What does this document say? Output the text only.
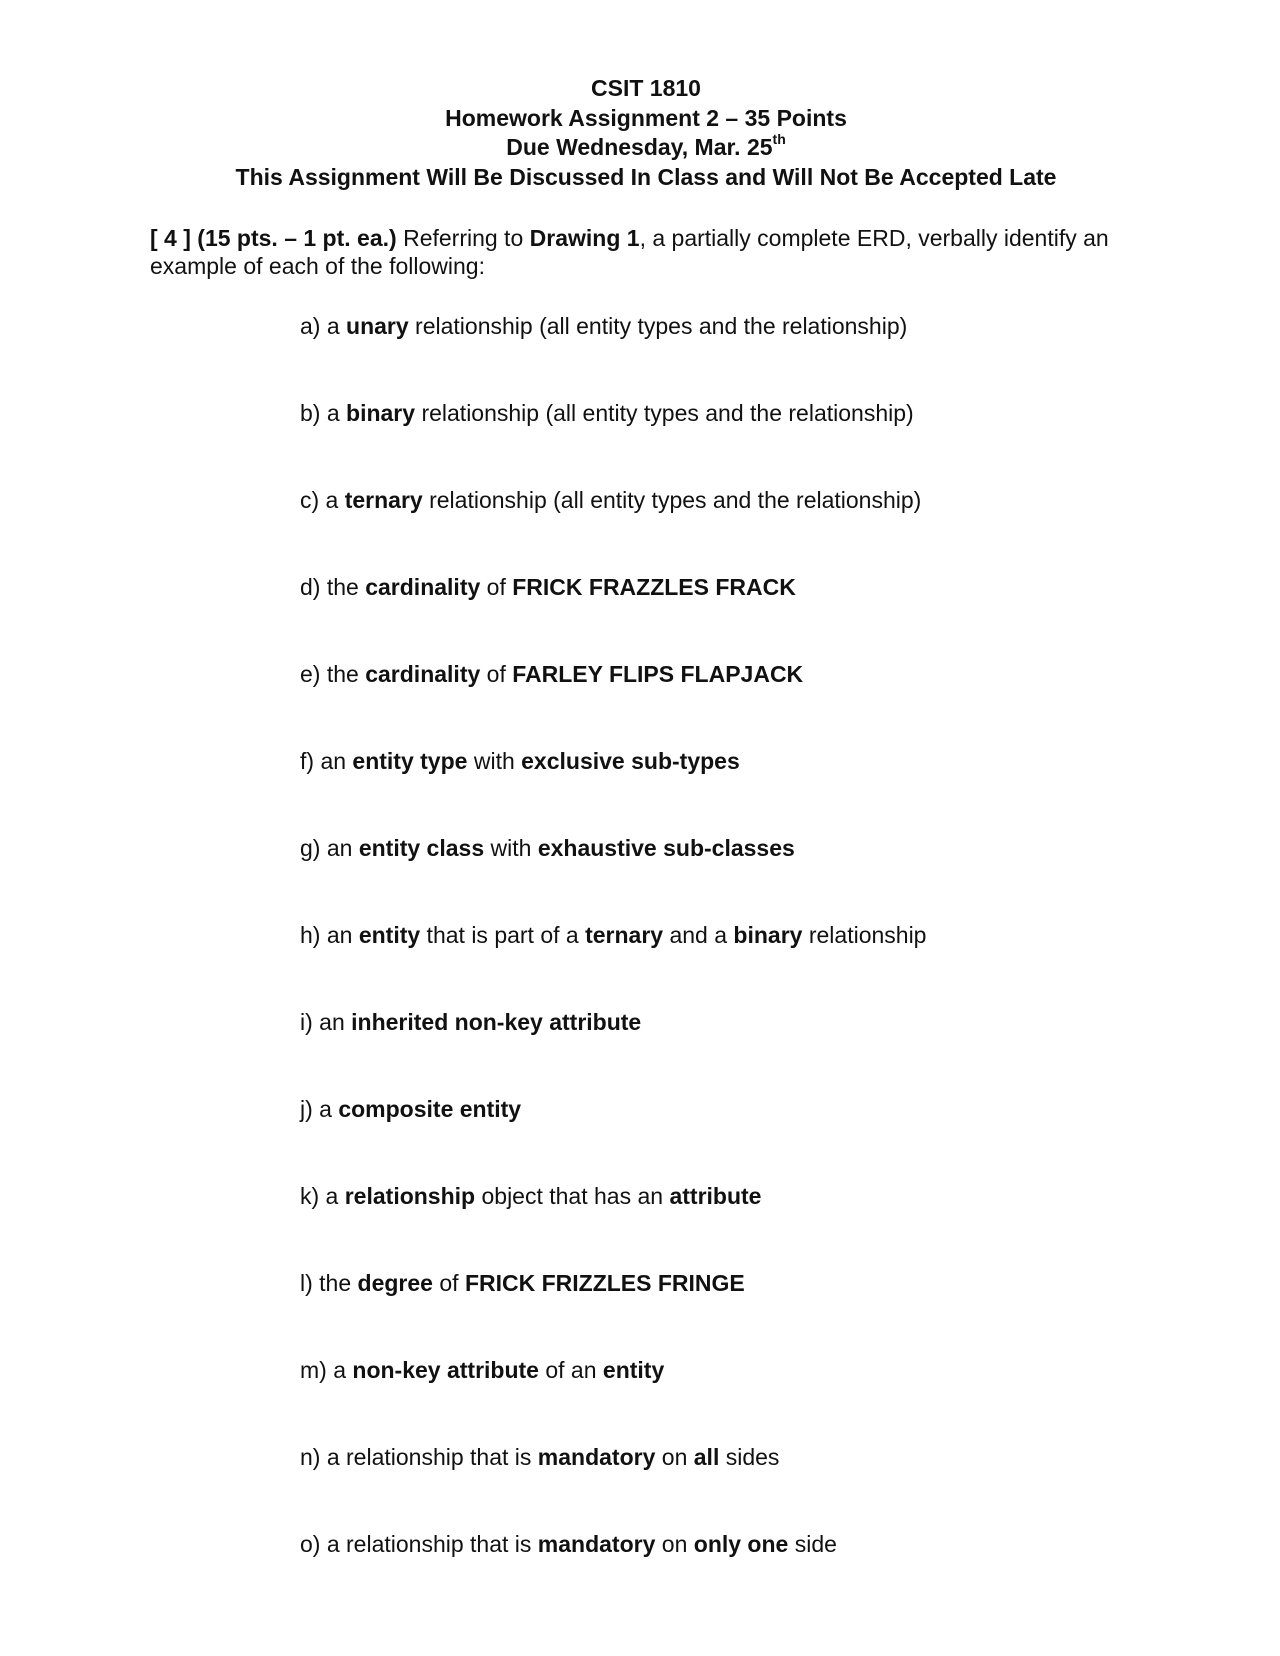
CSIT 1810
Homework Assignment 2 – 35 Points
Due Wednesday, Mar. 25th
This Assignment Will Be Discussed In Class and Will Not Be Accepted Late
[ 4 ] (15 pts. – 1 pt. ea.) Referring to Drawing 1, a partially complete ERD, verbally identify an example of each of the following:
a) a unary relationship (all entity types and the relationship)
b) a binary relationship (all entity types and the relationship)
c) a ternary relationship (all entity types and the relationship)
d) the cardinality of FRICK FRAZZLES FRACK
e) the cardinality of FARLEY FLIPS FLAPJACK
f) an entity type with exclusive sub-types
g) an entity class with exhaustive sub-classes
h) an entity that is part of a ternary and a binary relationship
i) an inherited non-key attribute
j) a composite entity
k) a relationship object that has an attribute
l) the degree of FRICK FRIZZLES FRINGE
m) a non-key attribute of an entity
n) a relationship that is mandatory on all sides
o) a relationship that is mandatory on only one side
